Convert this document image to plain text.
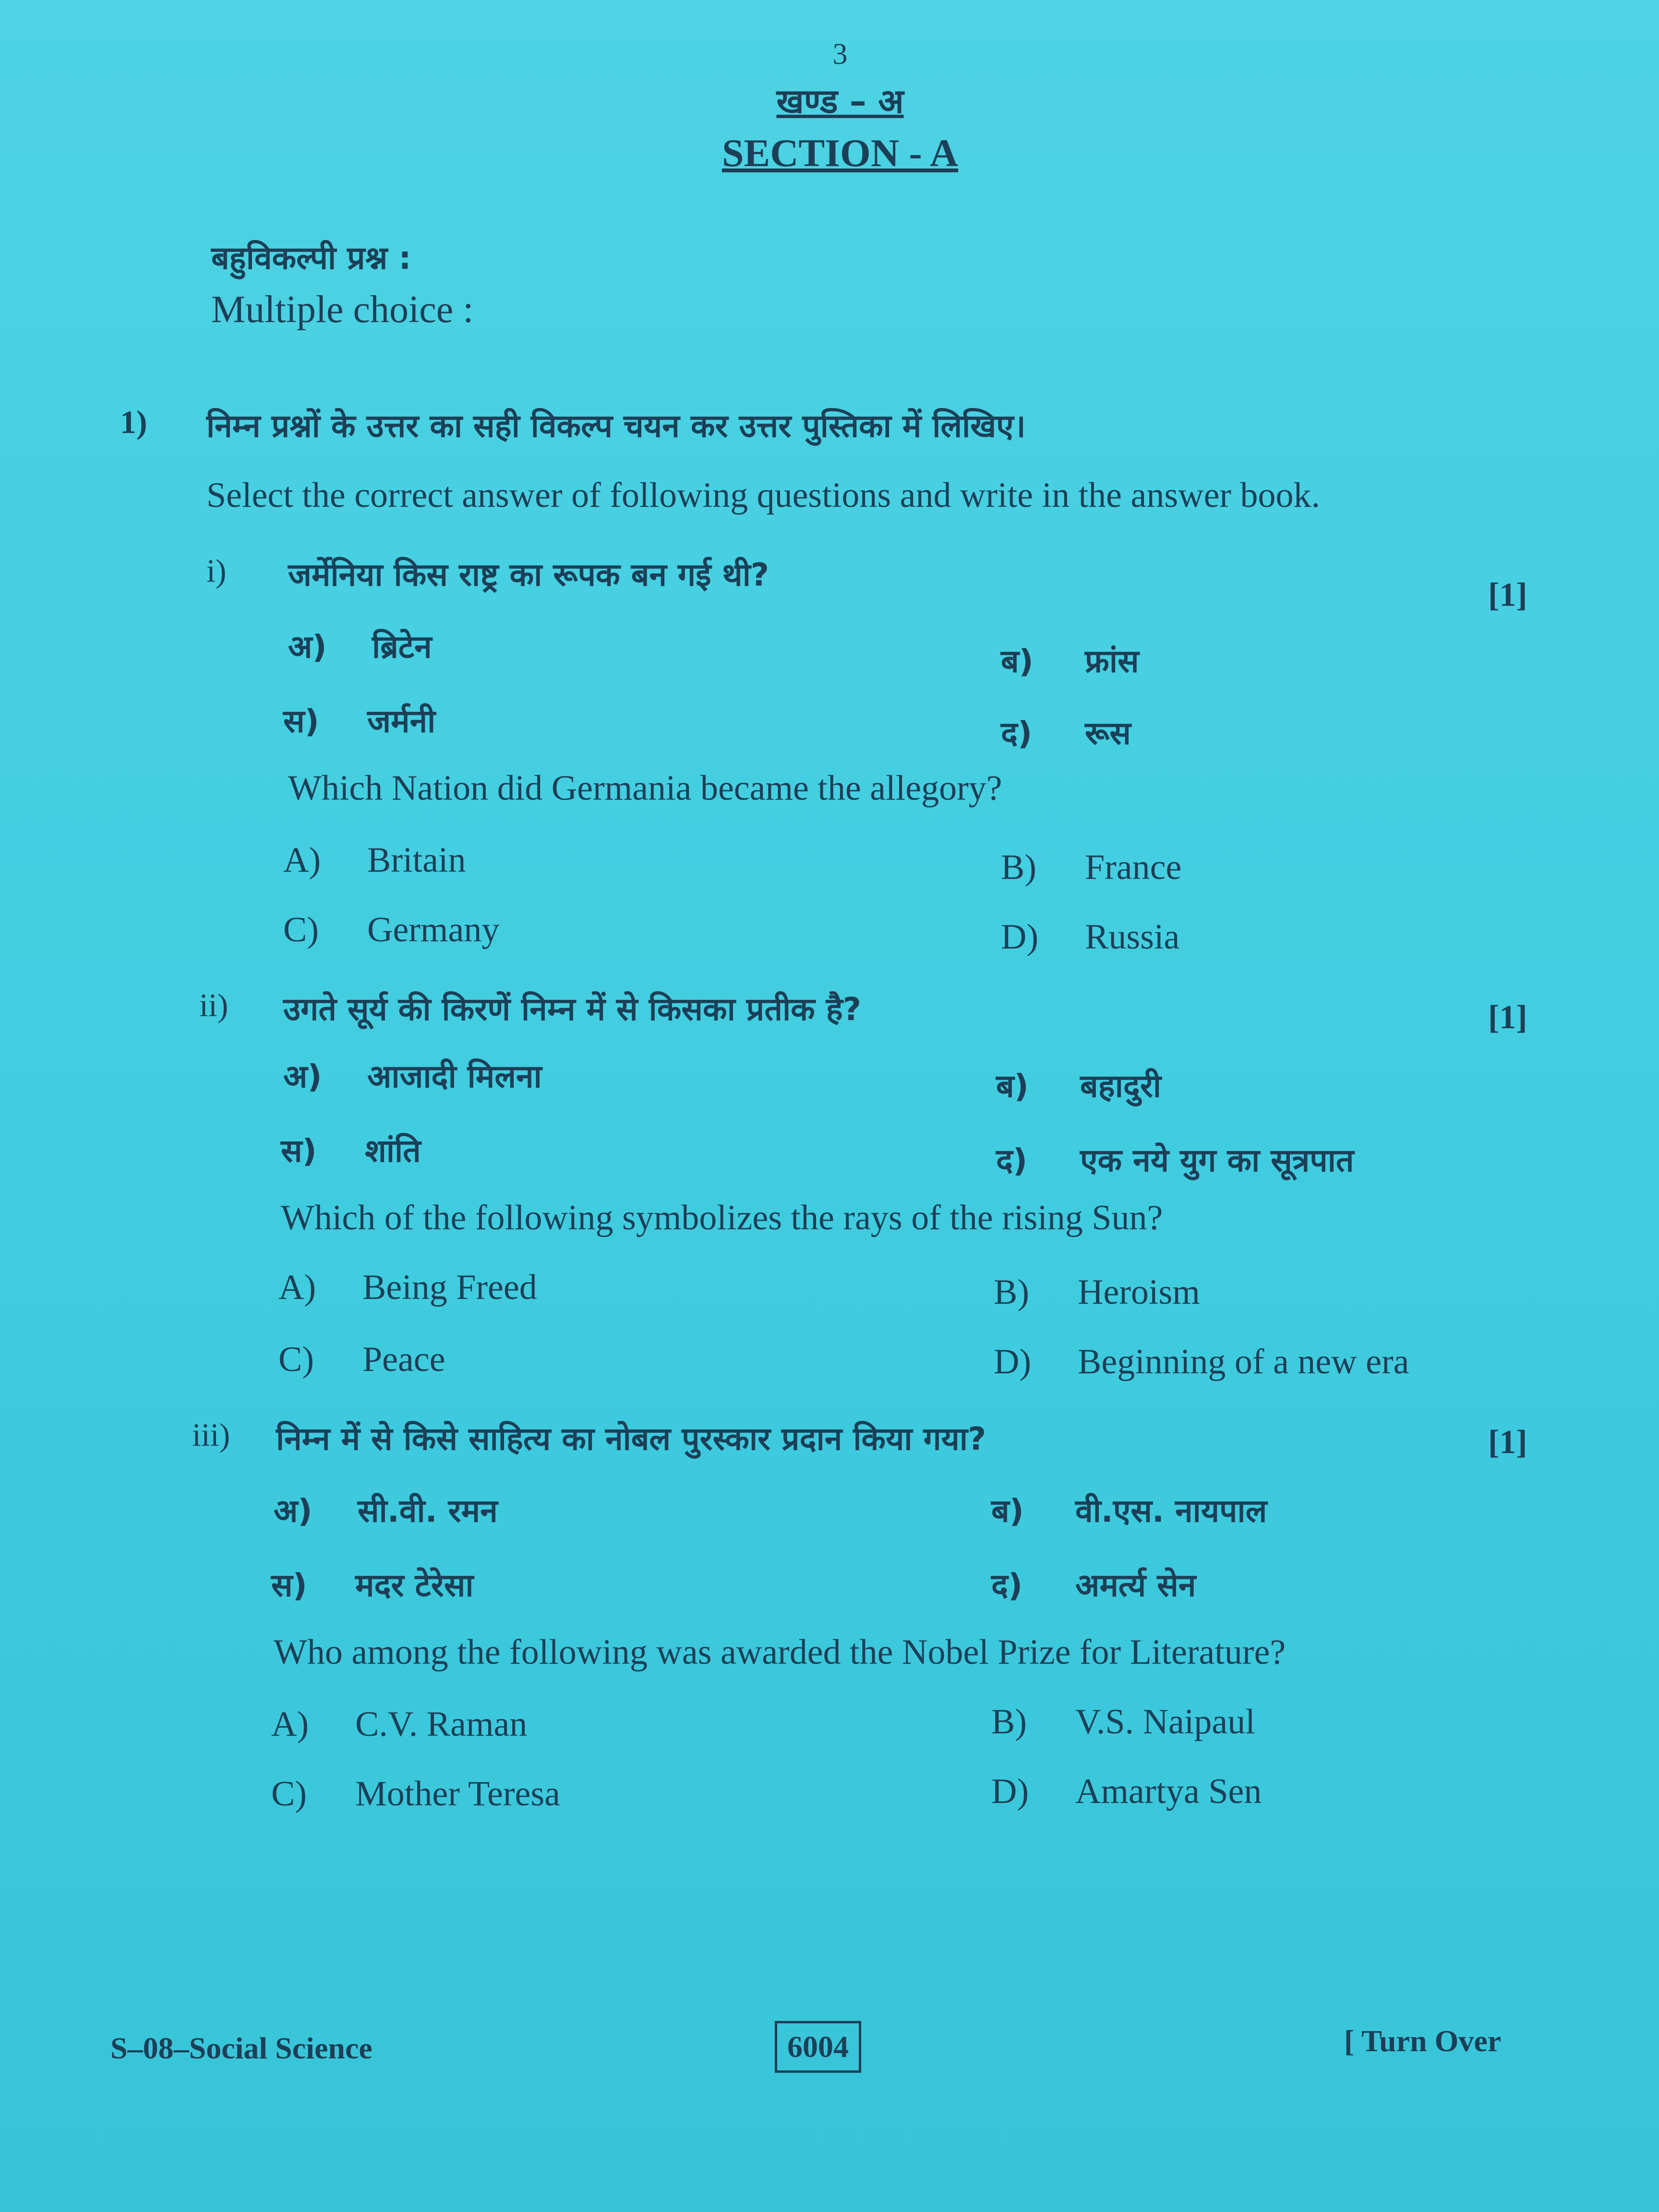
3
खण्ड – अ
SECTION - A
बहुविकल्पी प्रश्न :
Multiple choice :
1) निम्न प्रश्नों के उत्तर का सही विकल्प चयन कर उत्तर पुस्तिका में लिखिए।
Select the correct answer of following questions and write in the answer book.
i) जर्मेनिया किस राष्ट्र का रूपक बन गई थी?
[1]
अ) ब्रिटेन	ब) फ्रांस
स) जर्मनी	द) रूस
Which Nation did Germania became the allegory?
A) Britain	B) France
C) Germany	D) Russia
ii) उगते सूर्य की किरणें निम्न में से किसका प्रतीक है?	[1]
अ) आजादी मिलना	ब) बहादुरी
स) शांति	द) एक नये युग का सूत्रपात
Which of the following symbolizes the rays of the rising Sun?
A) Being Freed	B) Heroism
C) Peace	D) Beginning of a new era
iii) निम्न में से किसे साहित्य का नोबल पुरस्कार प्रदान किया गया?	[1]
अ) सी.वी. रमन	ब) वी.एस. नायपाल
स) मदर टेरेसा	द) अमर्त्य सेन
Who among the following was awarded the Nobel Prize for Literature?
A) C.V. Raman	B) V.S. Naipaul
C) Mother Teresa	D) Amartya Sen
S–08–Social Science	6004	[ Turn Over
